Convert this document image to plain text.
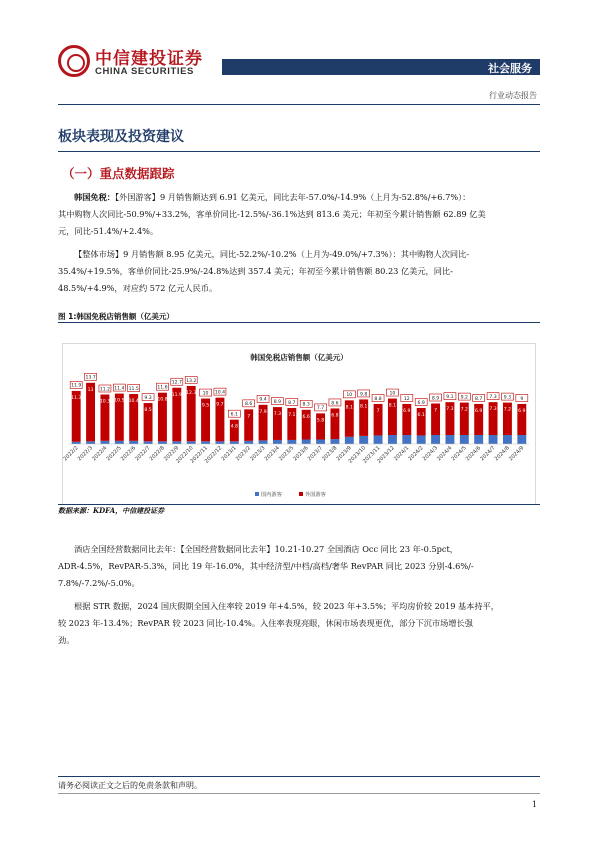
中信建投证券
CHINA SECURITIES	社会服务
行业动态报告
板块表现及投资建议
（一）重点数据跟踪
韩国免税：【外国游客】9 月销售额达到 6.91 亿美元，同比去年-57.0%/-14.9%（上月为-52.8%/+6.7%）：
其中购物人次同比-50.9%/+33.2%，客单价同比-12.5%/-36.1%达到 813.6 美元；年初至今累计销售额 62.89 亿美
元，同比-51.4%/+2.4%。
【整体市场】9 月销售额 8.95 亿美元，同比-52.2%/-10.2%（上月为-49.0%/+7.3%）：其中购物人次同比-
35.4%/+19.5%，客单价同比-25.9%/-24.8%达到 357.4 美元；年初至今累计销售额 80.23 亿美元，同比-
48.5%/+4.9%，对应约 572 亿元人民币。
图 1:韩国免税店销售额（亿美元）
韩国免税店销售额（亿美元）
11.3
11.9
2022/2
13
13.7
2022/3
10.3
11.2
2022/4
10.5
11.4
2022/5
10.4
11.5
2022/6
8.5
9.3
2022/7
10.8
11.6
2022/8
11.9
12.7
2022/9
12.3
13.2
2022/10
9.5
10
2022/11
9.7
10.4
2022/12
4.8
6.1
2023/1
7
8.6
2023/2
7.9
9.4
2023/3
7.3
8.9
2023/4
7.1
8.7
2023/5
6.6
8.3
2023/6
5.8
7.7
2023/7
6.8
8.6
2023/8
8.1
10
2023/9
8.1
9.8
2023/10
7
8.8
2023/11
8.1
10
2023/12
6.9
12
2024/1
6.1
6.9
2024/2
7
8.9
2024/3
7.3
9.1
2024/4
7.2
9.2
2024/5
6.9
8.7
2024/6
7.3
7.3
2024/7
7.2
9.3
2024/8
6.9
9
2024/9
国内游客	外国游客
数据来源：KDFA，中信建投证券
酒店全国经营数据同比去年：【全国经营数据同比去年】10.21-10.27 全国酒店 Occ 同比 23 年-0.5pct，
ADR-4.5%，RevPAR-5.3%，同比 19 年-16.0%，其中经济型/中档/高档/奢华 RevPAR 同比 2023 分别-4.6%/-
7.8%/-7.2%/-5.0%。
根据 STR 数据，2024 国庆假期全国入住率较 2019 年+4.5%，较 2023 年+3.5%；平均房价较 2019 基本持平，
较 2023 年-13.4%；RevPAR 较 2023 同比-10.4%。入住率表现亮眼，休闲市场表现更优，部分下沉市场增长强
劲。
请务必阅读正文之后的免责条款和声明。
1
